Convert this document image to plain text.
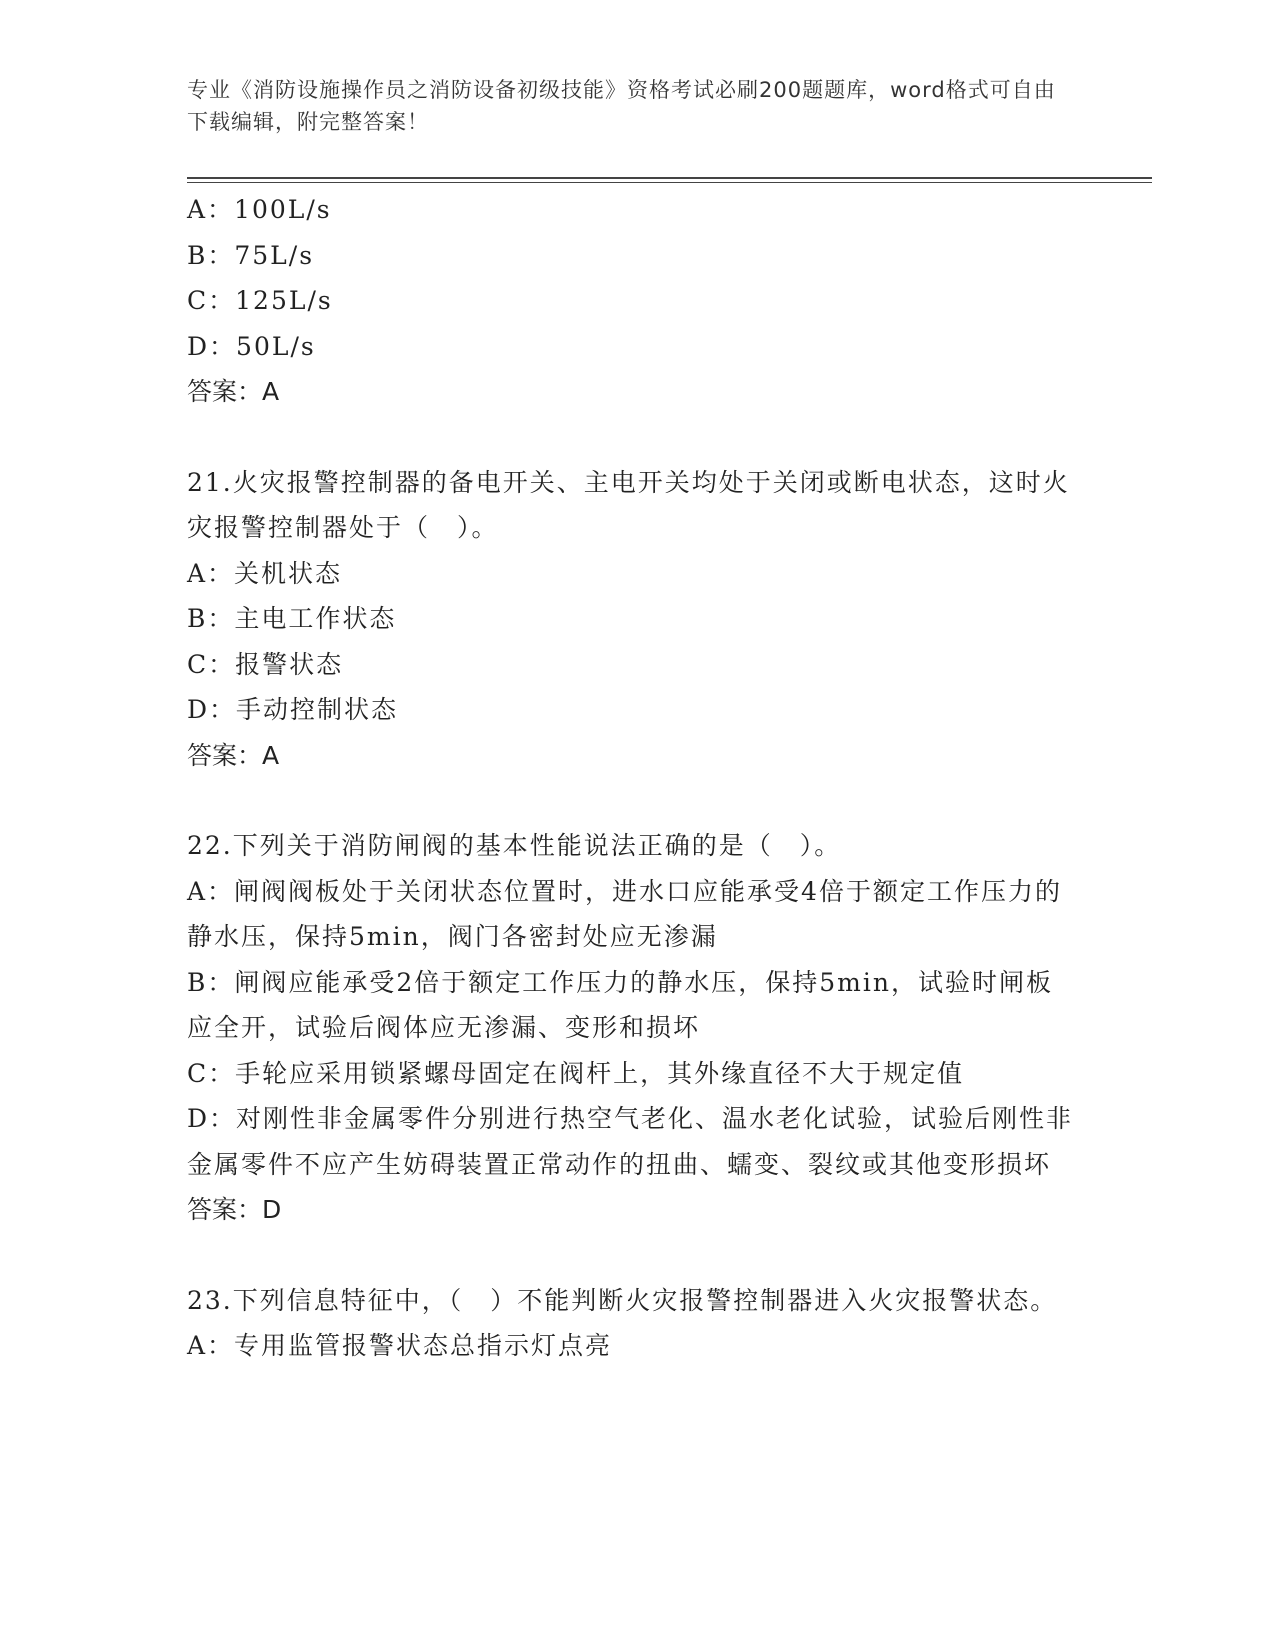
专业《消防设施操作员之消防设备初级技能》资格考试必刷200题题库，word格式可自由下载编辑，附完整答案！

A：100L/s

B：75L/s

C：125L/s

D：50L/s

答案：A

21.火灾报警控制器的备电开关、主电开关均处于关闭或断电状态，这时火灾报警控制器处于（　）。

A：关机状态

B：主电工作状态

C：报警状态

D：手动控制状态

答案：A

22.下列关于消防闸阀的基本性能说法正确的是（　）。

A：闸阀阀板处于关闭状态位置时，进水口应能承受4倍于额定工作压力的静水压，保持5min，阀门各密封处应无渗漏

B：闸阀应能承受2倍于额定工作压力的静水压，保持5min，试验时闸板应全开，试验后阀体应无渗漏、变形和损坏

C：手轮应采用锁紧螺母固定在阀杆上，其外缘直径不大于规定值

D：对刚性非金属零件分别进行热空气老化、温水老化试验，试验后刚性非金属零件不应产生妨碍装置正常动作的扭曲、蠕变、裂纹或其他变形损坏

答案：D

23.下列信息特征中，（　）不能判断火灾报警控制器进入火灾报警状态。

A：专用监管报警状态总指示灯点亮
